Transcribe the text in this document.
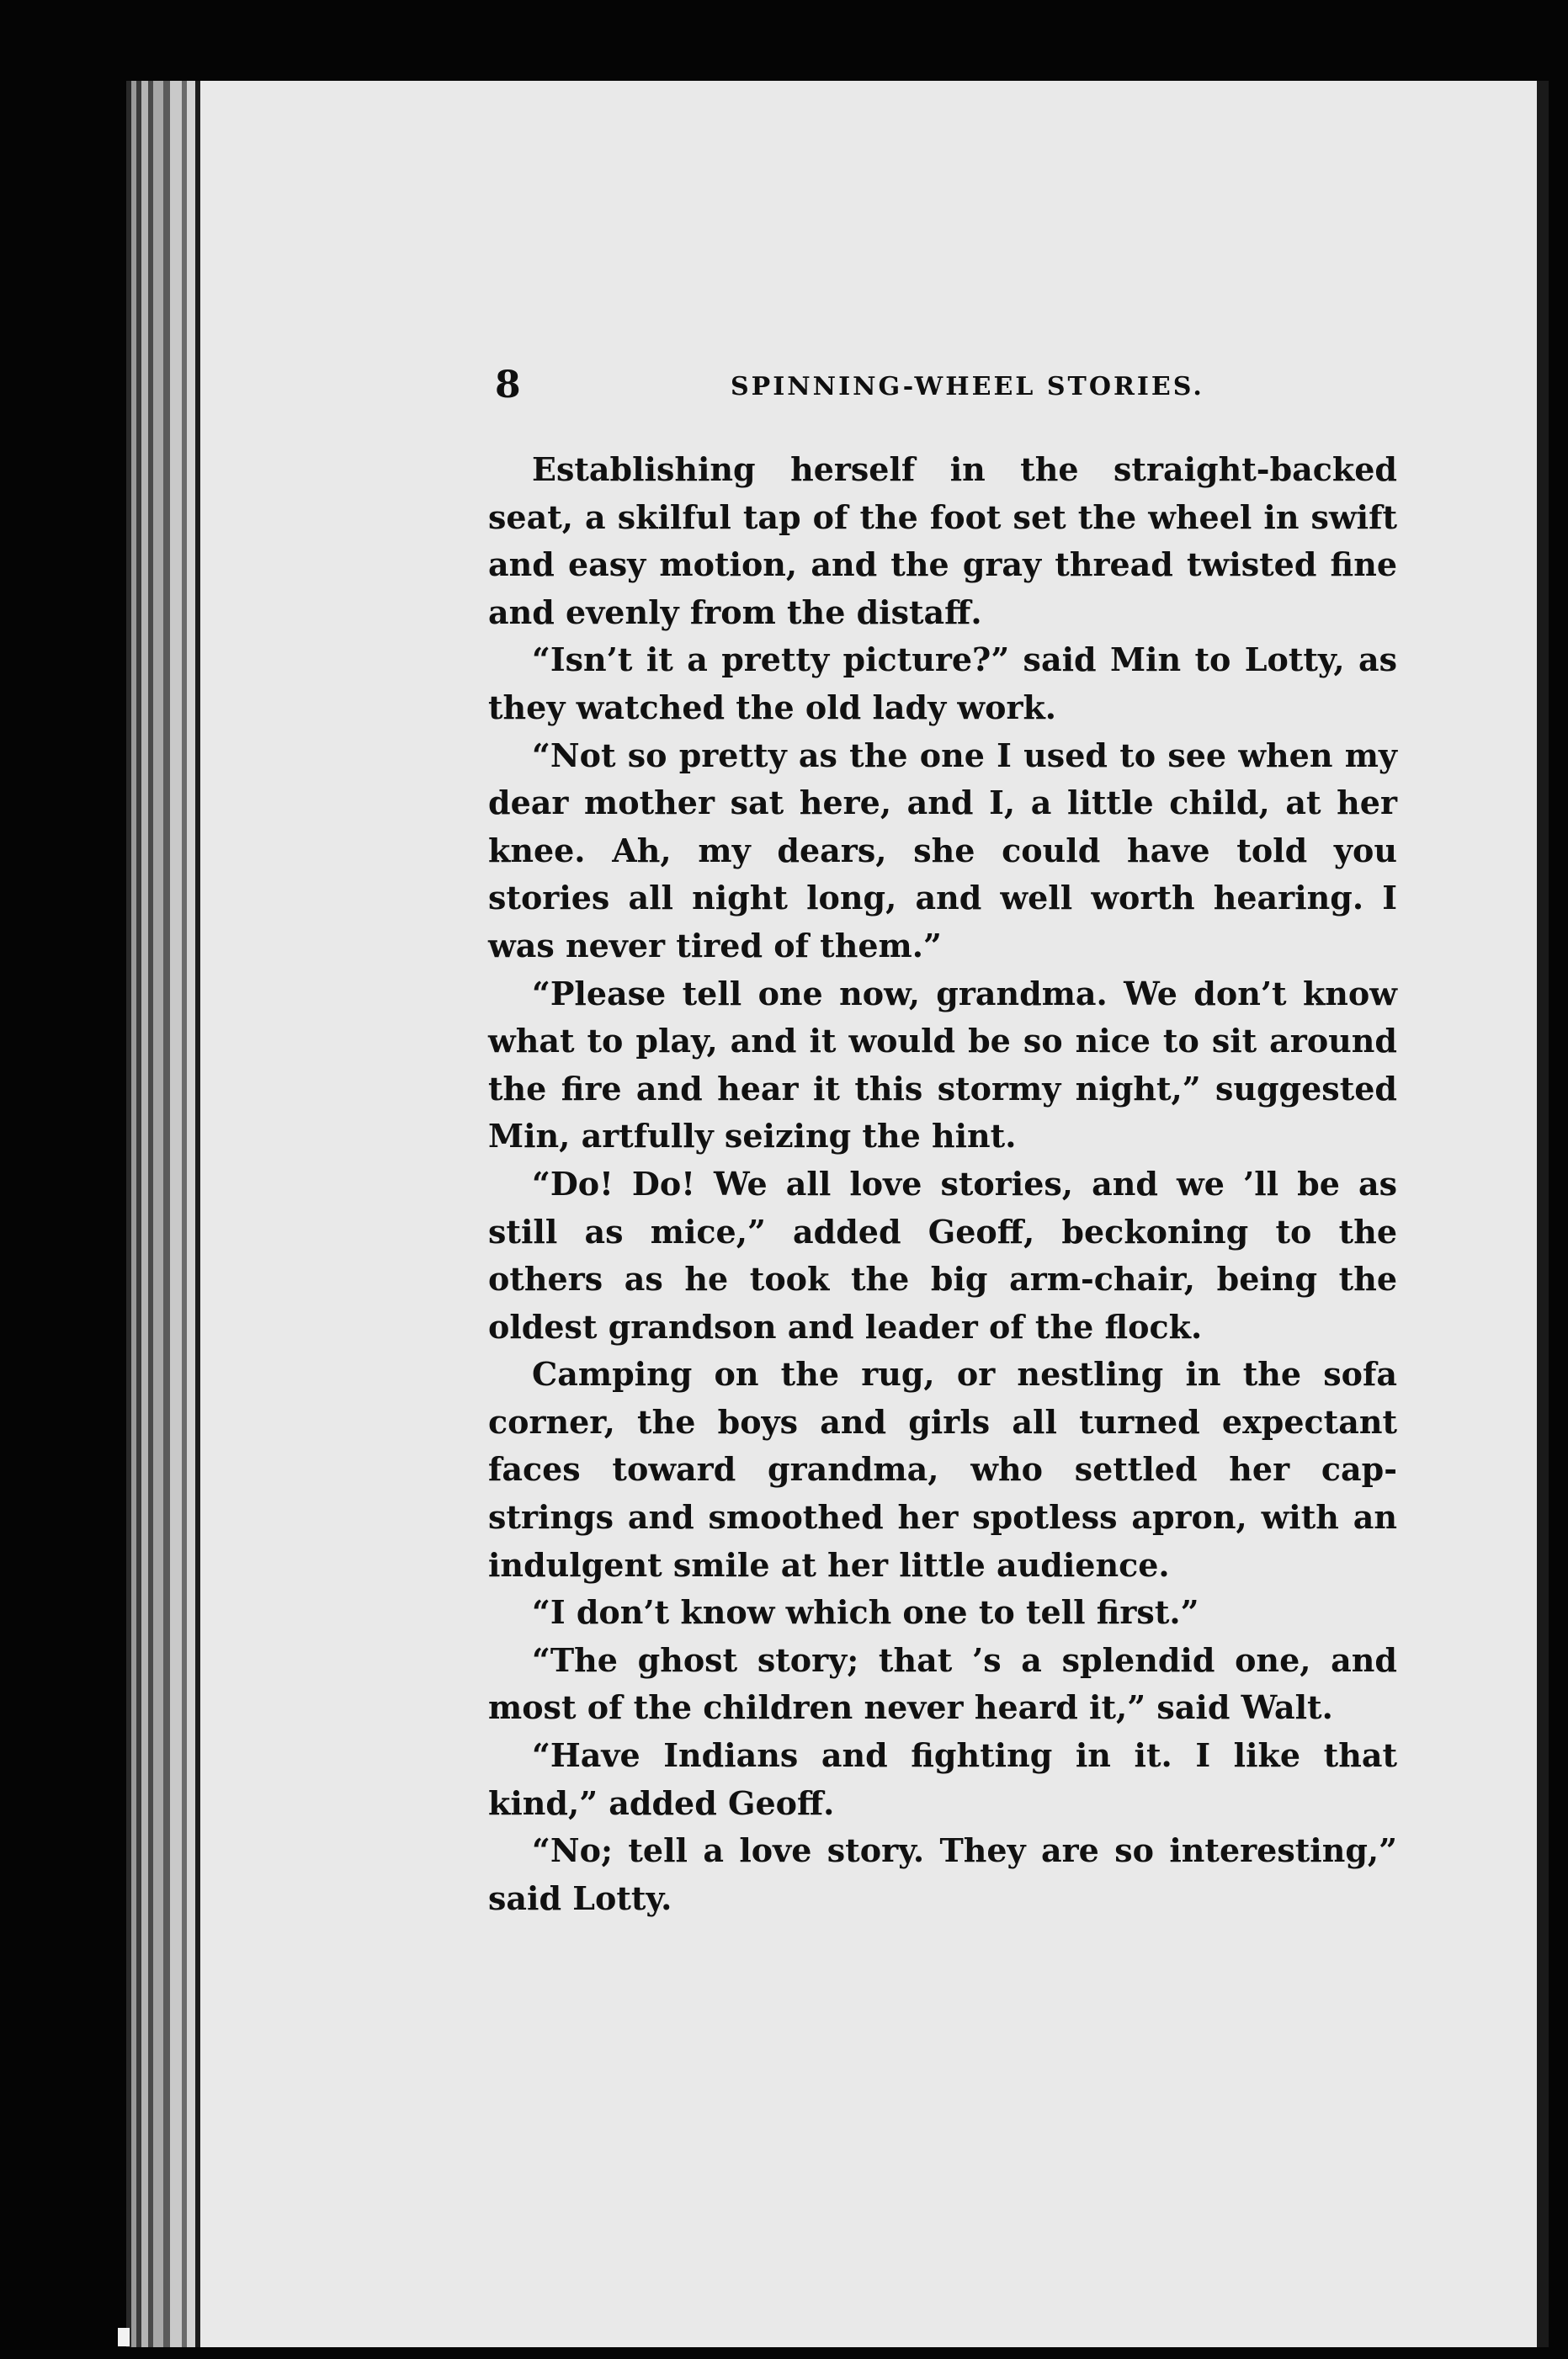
8	SPINNING-WHEEL STORIES.

Establishing herself in the straight-backed seat, a skilful tap of the foot set the wheel in swift and easy motion, and the gray thread twisted fine and evenly from the distaff.

“Isn’t it a pretty picture?” said Min to Lotty, as they watched the old lady work.

“Not so pretty as the one I used to see when my dear mother sat here, and I, a little child, at her knee. Ah, my dears, she could have told you stories all night long, and well worth hearing. I was never tired of them.”

“Please tell one now, grandma. We don’t know what to play, and it would be so nice to sit around the fire and hear it this stormy night,” suggested Min, artfully seizing the hint.

“Do! Do! We all love stories, and we ’ll be as still as mice,” added Geoff, beckoning to the others as he took the big arm-chair, being the oldest grandson and leader of the flock.

Camping on the rug, or nestling in the sofa corner, the boys and girls all turned expectant faces toward grandma, who settled her cap-strings and smoothed her spotless apron, with an indulgent smile at her little audience.

“I don’t know which one to tell first.”

“The ghost story; that ’s a splendid one, and most of the children never heard it,” said Walt.

“Have Indians and fighting in it. I like that kind,” added Geoff.

“No; tell a love story. They are so interesting,” said Lotty.
